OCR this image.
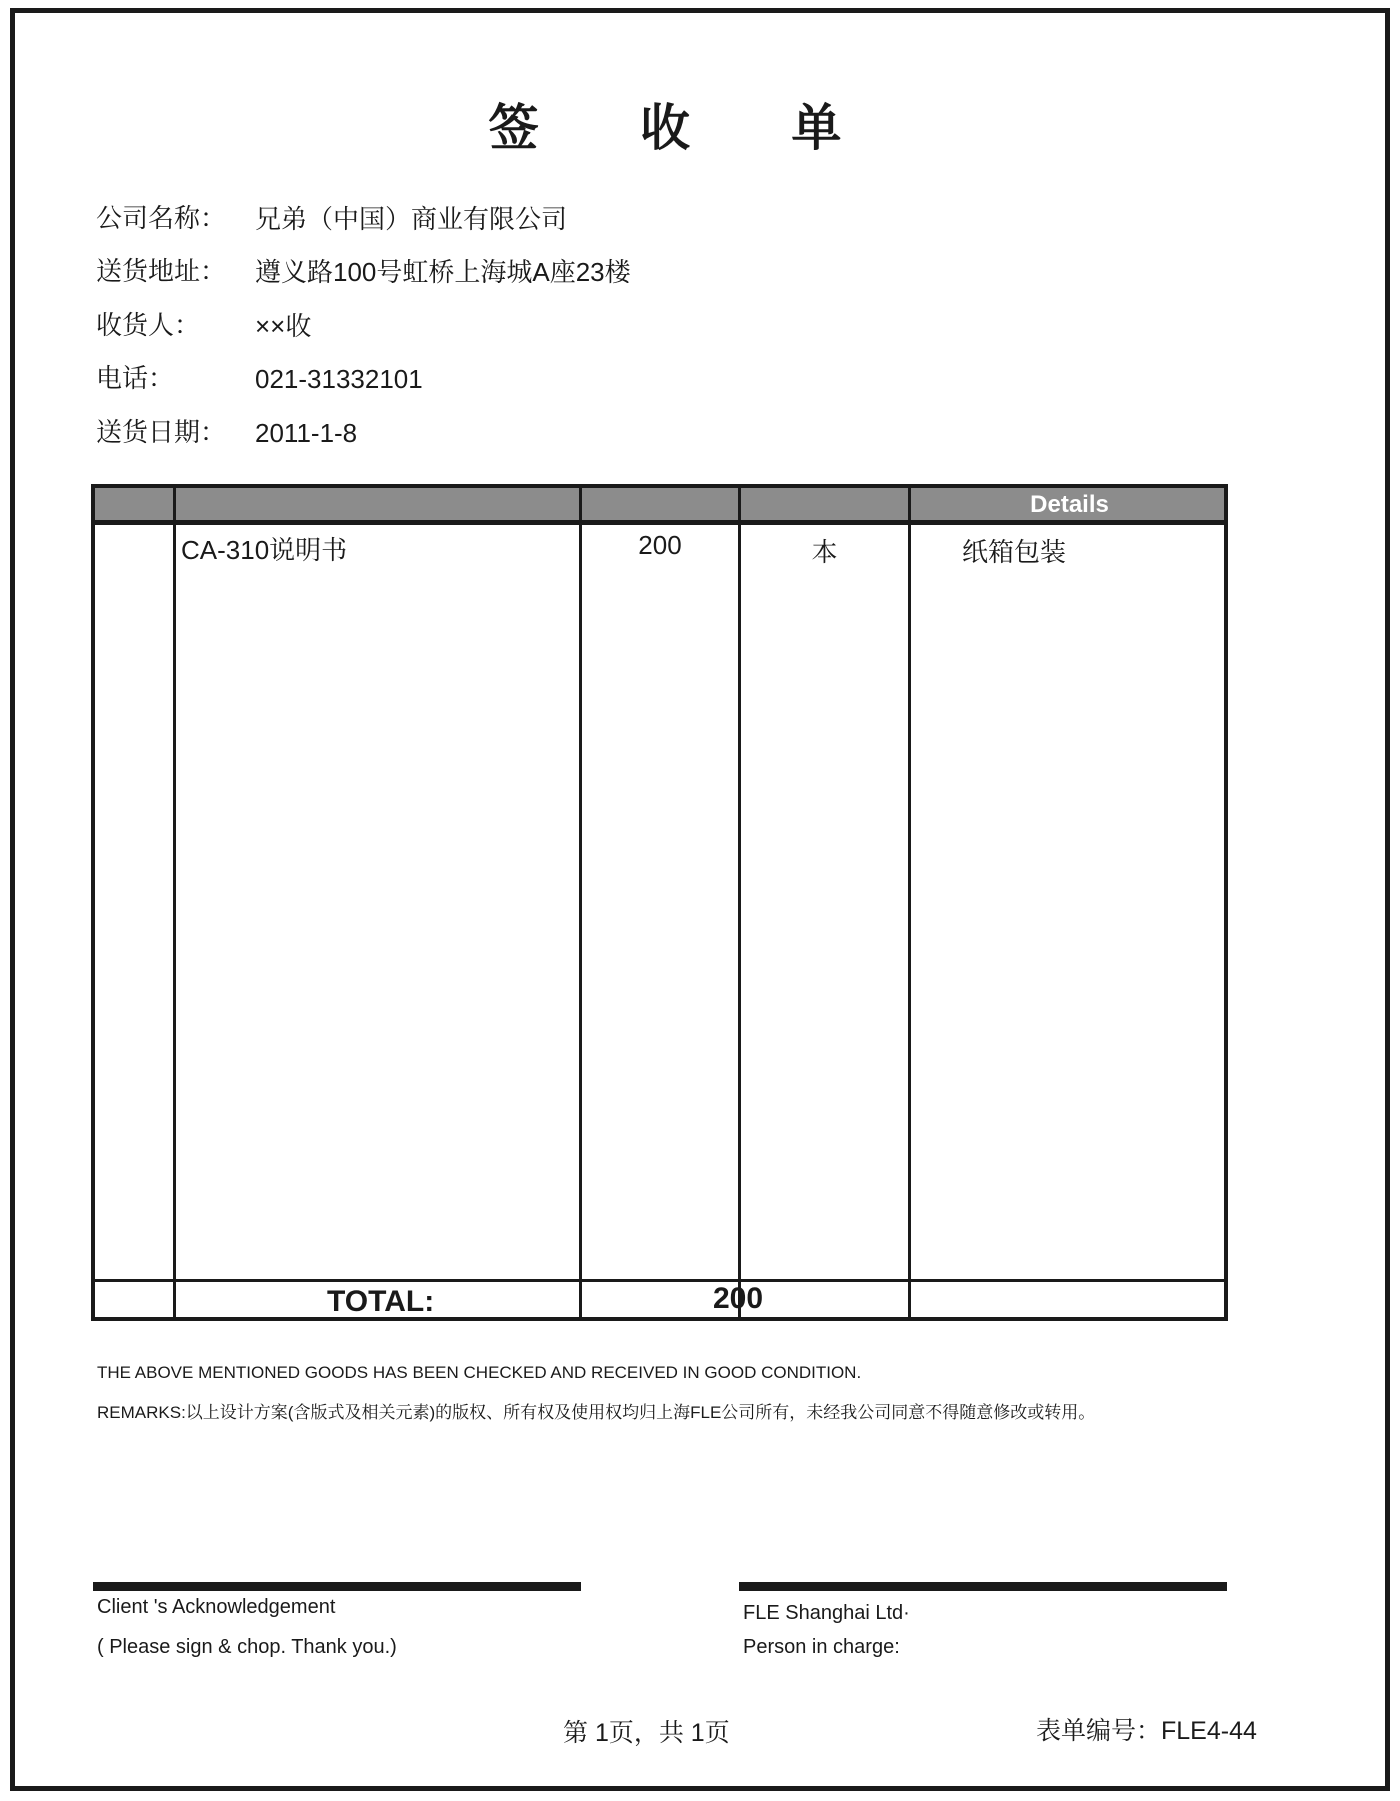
签 收 单
公司名称： 兄弟（中国）商业有限公司
送货地址： 遵义路100号虹桥上海城A座23楼
收货人： ××收
电话：	021-31332101
送货日期： 2011-1-8
Details
CA-310说明书	200	本	纸箱包装
TOTAL:	200
THE ABOVE MENTIONED GOODS HAS BEEN CHECKED AND RECEIVED IN GOOD CONDITION.
REMARKS:以上设计方案(含版式及相关元素)的版权、所有权及使用权均归上海FLE公司所有，未经我公司同意不得随意修改或转用。
Client 's Acknowledgement
( Please sign & chop. Thank you.)
FLE Shanghai Ltd·
Person in charge:
第 1页，共 1页	表单编号：FLE4-44
